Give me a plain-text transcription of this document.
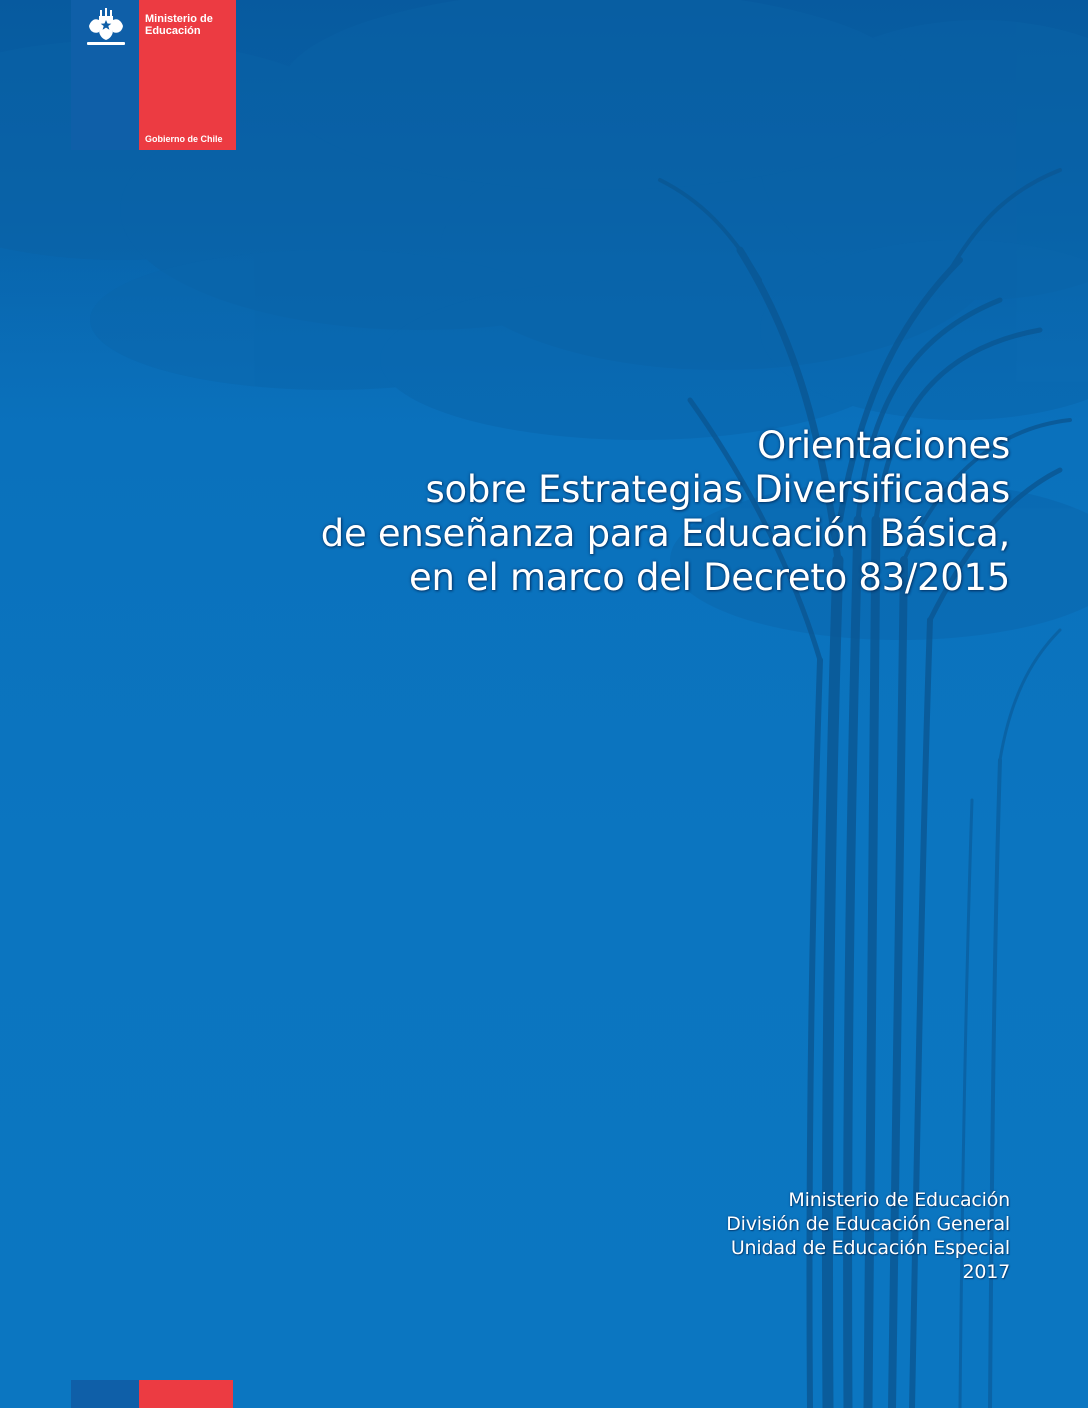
Ministerio de Educación

Gobierno de Chile

Orientaciones
sobre Estrategias Diversificadas
de enseñanza para Educación Básica,
en el marco del Decreto 83/2015

Ministerio de Educación
División de Educación General
Unidad de Educación Especial
2017
